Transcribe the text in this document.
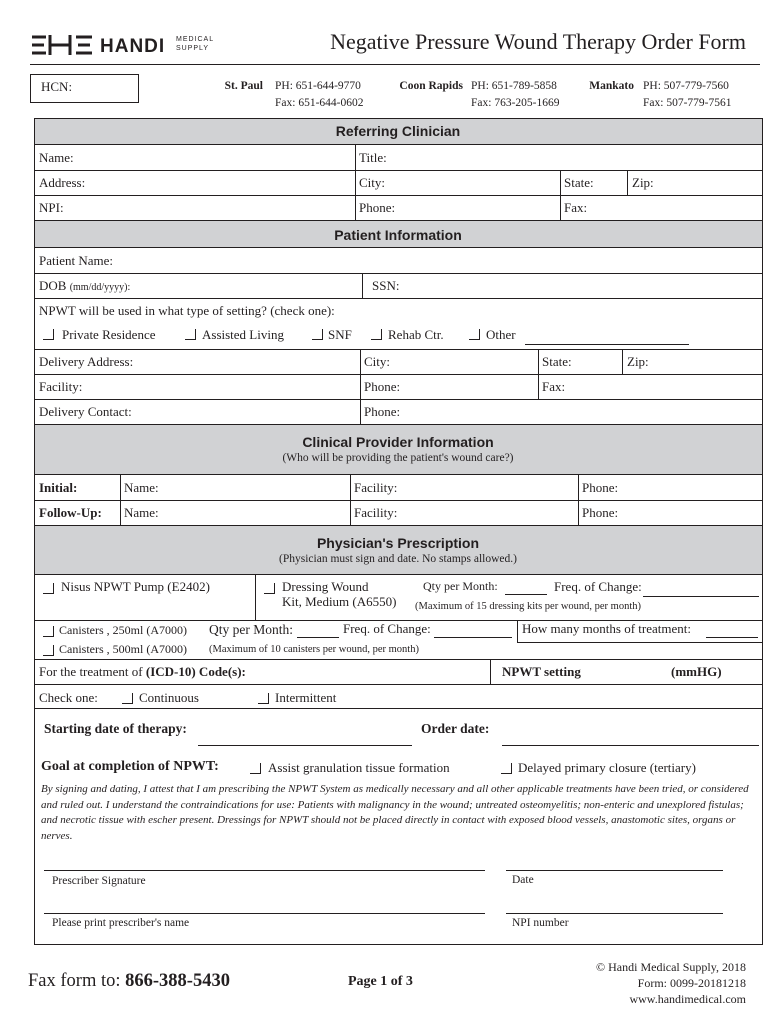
HANDI MEDICAL
SUPPLY	Negative Pressure Wound Therapy Order Form
HCN:	St. Paul PH: 651-644-9770
Fax: 651-644-0602
Coon Rapids PH: 651-789-5858
Fax: 763-205-1669
Mankato PH: 507-779-7560
Fax: 507-779-7561
Referring Clinician
Name:	Title:
Address:	City:	State:	Zip:
NPI:	Phone:	Fax:
Patient Information
Patient Name:
DOB (mm/dd/yyyy):	SSN:
NPWT will be used in what type of setting? (check one):
Private Residence	Assisted Living	SNF	Rehab Ctr.	Other
Delivery Address:	City:	State:	Zip:
Facility:	Phone:	Fax:
Delivery Contact:	Phone:
Clinical Provider Information
(Who will be providing the patient's wound care?)
Initial:	Name:	Facility:	Phone:
Follow-Up: Name:	Facility:	Phone:
Physician's Prescription
(Physician must sign and date. No stamps allowed.)
Nisus NPWT Pump (E2402)	Dressing Wound
Kit, Medium (A6550)
Qty per Month:	Freq. of Change:
(Maximum of 15 dressing kits per wound, per month)
Canisters , 250ml (A7000) Qty per Month:	Freq. of Change:	How many months of treatment:
Canisters , 500ml (A7000) (Maximum of 10 canisters per wound, per month)
For the treatment of (ICD-10) Code(s):	NPWT setting	(mmHG)
Check one:	Continuous	Intermittent
Starting date of therapy:	Order date:
Goal at completion of NPWT:	Assist granulation tissue formation	Delayed primary closure (tertiary)
By signing and dating, I attest that I am prescribing the NPWT System as medically necessary and all other applicable treatments have been tried, or considered and ruled out. I understand the contraindications for use: Patients with malignancy in the wound; untreated osteomyelitis; non-enteric and unexplored fistulas; and necrotic tissue with escher present. Dressings for NPWT should not be placed directly in contact with exposed blood vessels, anastomotic sites, organs or nerves.
Prescriber Signature	Date
Please print prescriber's name	NPI number
Fax form to: 866-388-5430	Page 1 of 3
© Handi Medical Supply, 2018
Form: 0099-20181218
www.handimedical.com
